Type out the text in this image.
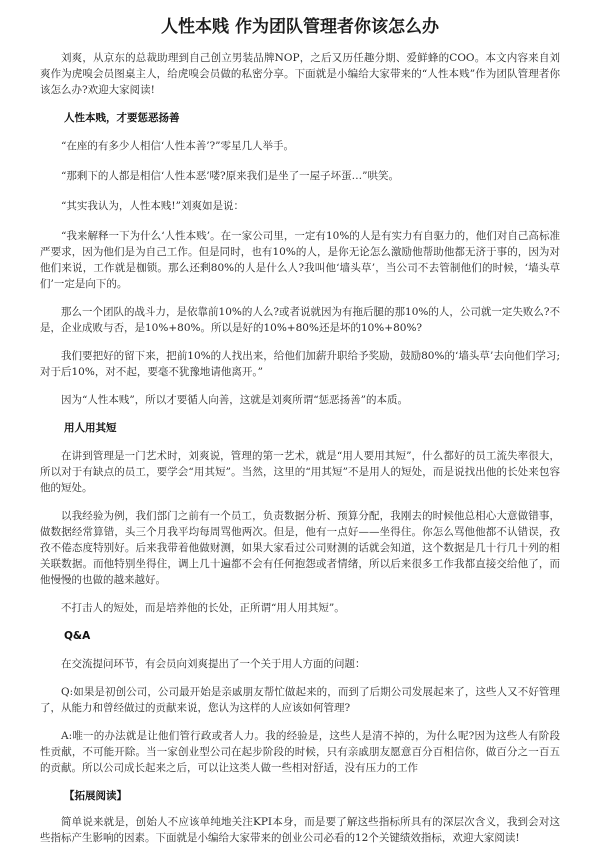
人性本贱 作为团队管理者你该怎么办

刘爽，从京东的总裁助理到自己创立男装品牌NOP，之后又历任趣分期、爱鲜蜂的COO。本文内容来自刘爽作为虎嗅会员图桌主人，给虎嗅会员做的私密分享。下面就是小编给大家带来的“人性本贱”作为团队管理者你该怎么办?欢迎大家阅读!

人性本贱，才要惩恶扬善

“在座的有多少人相信‘人性本善’?”零星几人举手。

“那剩下的人都是相信‘人性本恶’喽?原来我们是坐了一屋子坏蛋…”哄笑。

“其实我认为，人性本贱!”刘爽如是说：

“我来解释一下为什么‘人性本贱’。在一家公司里，一定有10%的人是有实力有自驱力的，他们对自己高标准严要求，因为他们是为自己工作。但是同时，也有10%的人，是你无论怎么激励他帮助他都无济于事的，因为对他们来说，工作就是枷锁。那么还剩80%的人是什么人?我叫他‘墙头草’，当公司不去管制他们的时候，‘墙头草们’一定是向下的。

那么一个团队的战斗力，是依靠前10%的人么?或者说就因为有拖后腿的那10%的人，公司就一定失败么?不是，企业成败与否，是10%+80%。所以是好的10%+80%还是坏的10%+80%?

我们要把好的留下来，把前10%的人找出来，给他们加薪升职给予奖励，鼓励80%的‘墙头草’去向他们学习;对于后10%，对不起，要毫不犹豫地请他离开。”

因为“人性本贱”，所以才要循人向善，这就是刘爽所谓“惩恶扬善”的本质。

用人用其短

在讲到管理是一门艺术时，刘爽说，管理的第一艺术，就是“用人要用其短”，什么都好的员工流失率很大，所以对于有缺点的员工，要学会“用其短”。当然，这里的“用其短”不是用人的短处，而是说找出他的长处来包容他的短处。

以我经验为例，我们部门之前有一个员工，负责数据分析、预算分配，我刚去的时候他总相心大意做错事，做数据经常算错，头三个月我平均每周骂他两次。但是，他有一点好——坐得住。你怎么骂他他都不认错误，孜孜不倦态度特别好。后来我带着他做财测，如果大家看过公司财测的话就会知道，这个数据是几十行几十列的相关联数据。而他特别坐得住，调上几十遍都不会有任何抱怨或者情绪，所以后来很多工作我都直接交给他了，而他慢慢的也做的越来越好。

不打击人的短处，而是培养他的长处，正所谓“用人用其短”。

Q&A

在交流提问环节，有会员向刘爽提出了一个关于用人方面的问题：

Q:如果是初创公司，公司最开始是亲戚朋友帮忙做起来的，而到了后期公司发展起来了，这些人又不好管理了，从能力和曾经做过的贡献来说，您认为这样的人应该如何管理?

A:唯一的办法就是让他们管行政或者人力。我的经验是，这些人是清不掉的，为什么呢?因为这些人有阶段性贡献，不可能开除。当一家创业型公司在起步阶段的时候，只有亲戚朋友愿意百分百相信你，做百分之一百五的贡献。所以公司成长起来之后，可以让这类人做一些相对舒适，没有压力的工作

【拓展阅读】

简单说来就是，创始人不应该单纯地关注KPI本身，而是要了解这些指标所具有的深层次含义，我到会对这些指标产生影响的因素。下面就是小编给大家带来的创业公司必看的12个关键绩效指标，欢迎大家阅读!
